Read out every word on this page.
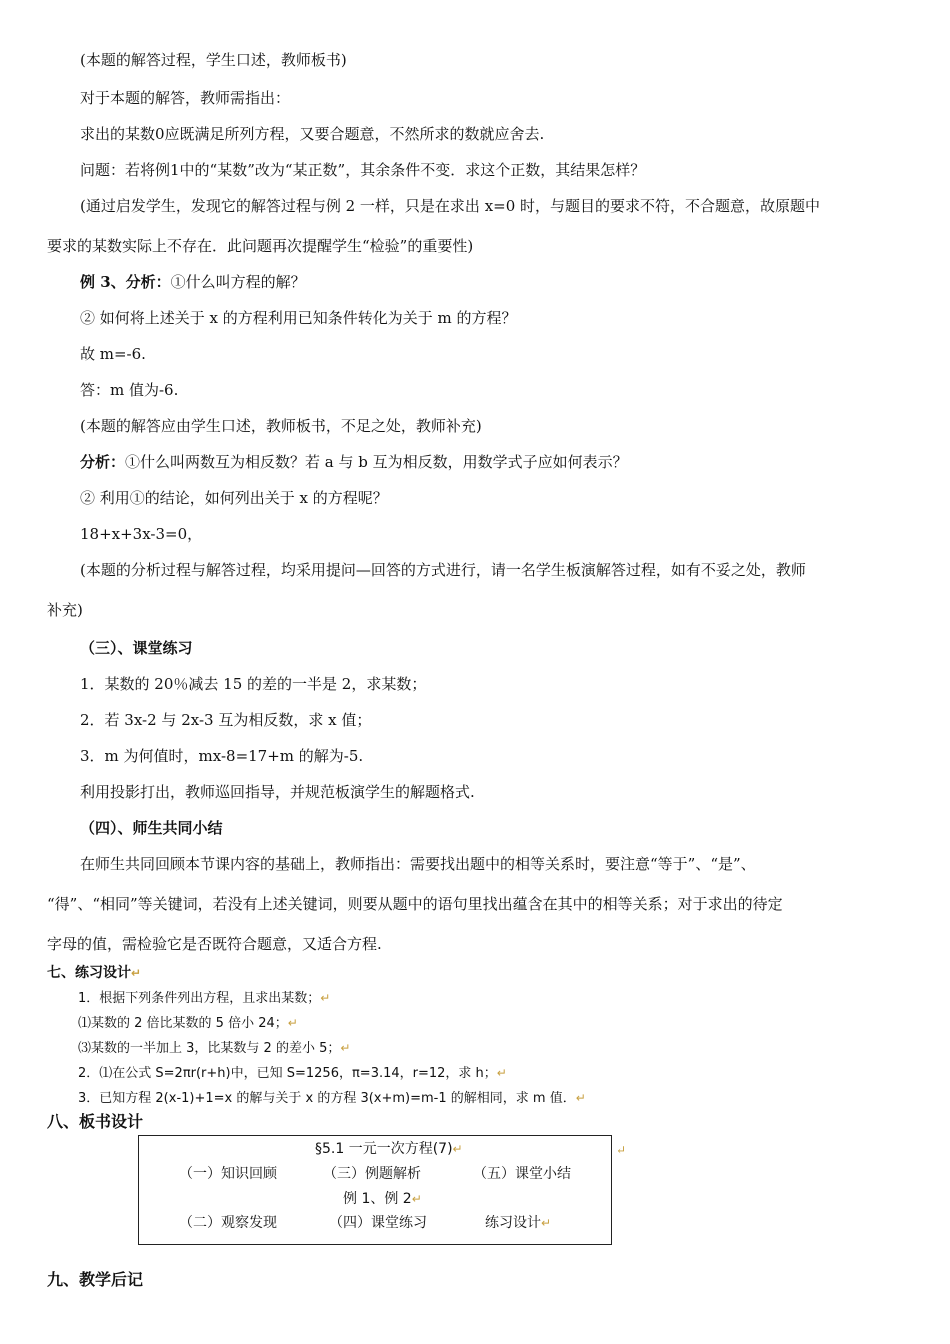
(本题的解答过程，学生口述，教师板书)
对于本题的解答，教师需指出：
求出的某数0应既满足所列方程，又要合题意，不然所求的数就应舍去.
问题：若将例1中的“某数”改为“某正数”，其余条件不变．求这个正数，其结果怎样？
(通过启发学生，发现它的解答过程与例 2 一样，只是在求出 x=0 时，与题目的要求不符，不合题意，故原题中
要求的某数实际上不存在．此问题再次提醒学生“检验”的重要性)
例 3、分析：①什么叫方程的解？
② 如何将上述关于 x 的方程利用已知条件转化为关于 m 的方程？
故 m=-6.
答：m 值为-6.
(本题的解答应由学生口述，教师板书，不足之处，教师补充)
分析：①什么叫两数互为相反数？若 a 与 b 互为相反数，用数学式子应如何表示？
② 利用①的结论，如何列出关于 x 的方程呢？
18+x+3x-3=0，
(本题的分析过程与解答过程，均采用提问—回答的方式进行，请一名学生板演解答过程，如有不妥之处，教师
补充)
（三）、课堂练习
1．某数的 20％减去 15 的差的一半是 2，求某数；
2．若 3x-2 与 2x-3 互为相反数，求 x 值；
3．m 为何值时，mx-8=17+m 的解为-5.
利用投影打出，教师巡回指导，并规范板演学生的解题格式.
（四）、师生共同小结
在师生共同回顾本节课内容的基础上，教师指出：需要找出题中的相等关系时，要注意“等于”、“是”、
“得”、“相同”等关键词，若没有上述关键词，则要从题中的语句里找出蕴含在其中的相等关系；对于求出的待定
字母的值，需检验它是否既符合题意，又适合方程.
七、练习设计↵
1．根据下列条件列出方程，且求出某数；↵
⑴某数的 2 倍比某数的 5 倍小 24；↵
⑶某数的一半加上 3，比某数与 2 的差小 5；↵
2．⑴在公式 S=2πr(r+h)中，已知 S=1256，π=3.14，r=12，求 h；↵
3．已知方程 2(x-1)+1=x 的解与关于 x 的方程 3(x+m)=m-1 的解相同，求 m 值．↵
八、板书设计
§5.1 一元一次方程(7)↵
（一）知识回顾	（三）例题解析	（五）课堂小结
例 1、例 2↵
（二）观察发现	（四）课堂练习	练习设计↵
↵
九、教学后记
